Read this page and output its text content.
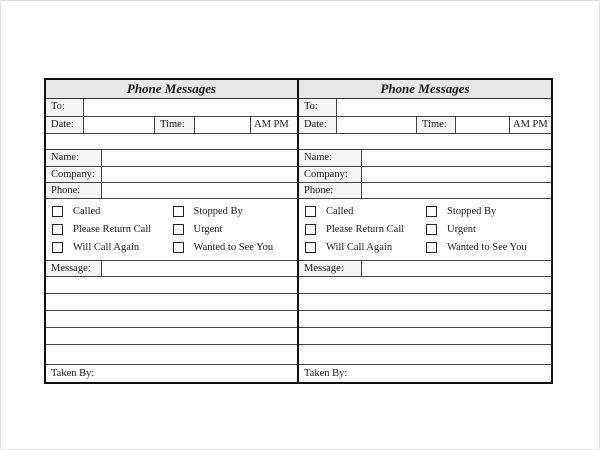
Phone Messages
To:
Date:	Time:	AM PM
Name:
Company:
Phone:
Called	Stopped By
Please Return Call	Urgent
Will Call Again	Wanted to See You
Message:
Taken By:
Phone Messages
To:
Date:	Time:	AM PM
Name:
Company:
Phone:
Called	Stopped By
Please Return Call	Urgent
Will Call Again	Wanted to See You
Message:
Taken By:
